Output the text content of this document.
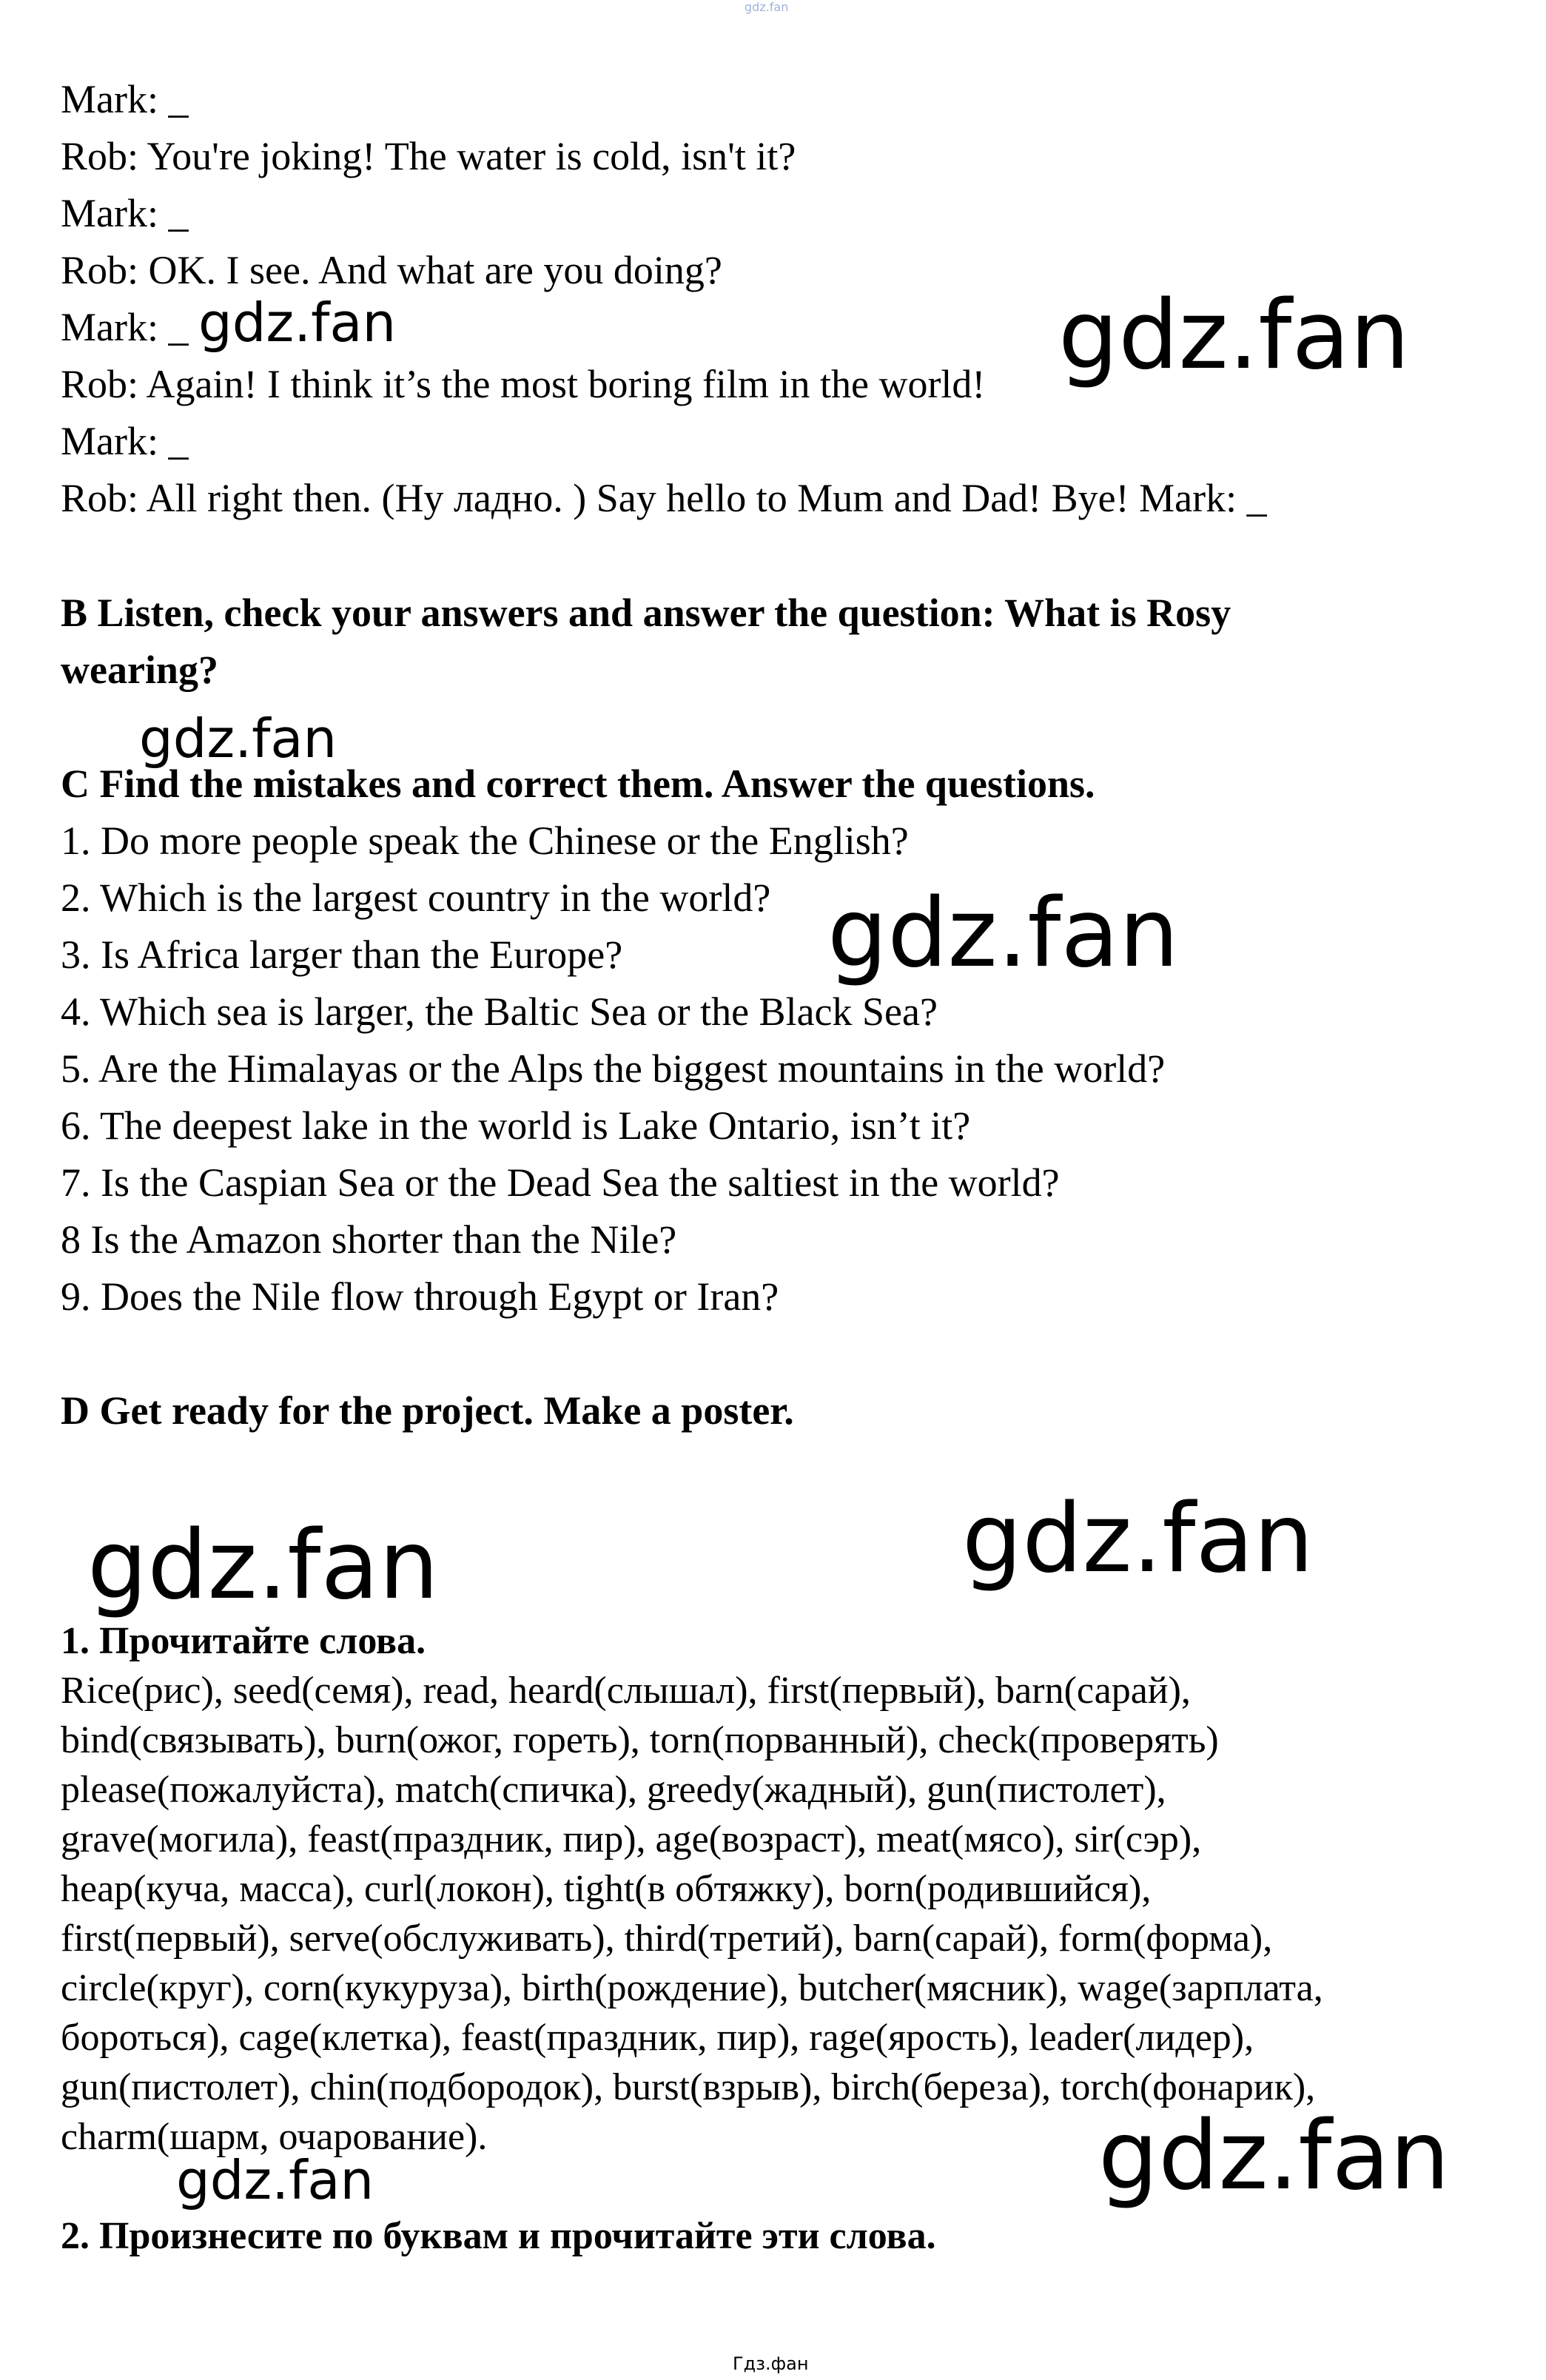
gdz.fan

Mark: _

Rob: You're joking! The water is cold, isn't it?

Mark: _

Rob: OK. I see. And what are you doing?

Mark: _

Rob: Again! I think it’s the most boring film in the world!

Mark: _

Rob: All right then. (Ну ладно. ) Say hello to Mum and Dad! Bye! Mark: _

B Listen, check your answers and answer the question: What is Rosy

wearing?

C Find the mistakes and correct them. Answer the questions.

1. Do more people speak the Chinese or the English?

2. Which is the largest country in the world?

3. Is Africa larger than the Europe?

4. Which sea is larger, the Baltic Sea or the Black Sea?

5. Are the Himalayas or the Alps the biggest mountains in the world?

6. The deepest lake in the world is Lake Ontario, isn’t it?

7. Is the Caspian Sea or the Dead Sea the saltiest in the world?

8 Is the Amazon shorter than the Nile?

9. Does the Nile flow through Egypt or Iran?

D Get ready for the project. Make a poster.

1. Прочитайте слова.

Rice(рис), seed(семя), read, heard(слышал), first(первый), barn(сарай),

bind(связывать), burn(ожог, гореть), torn(порванный), check(проверять)

please(пожалуйста), match(спичка), greedy(жадный), gun(пистолет),

grave(могила), feast(праздник, пир), age(возраст), meat(мясо), sir(сэр),

heap(куча, масса), curl(локон), tight(в обтяжку), born(родившийся),

first(первый), serve(обслуживать), third(третий), barn(сарай), form(форма),

circle(круг), corn(кукуруза), birth(рождение), butcher(мясник), wage(зарплата,

бороться), cage(клетка), feast(праздник, пир), rage(ярость), leader(лидер),

gun(пистолет), chin(подбородок), burst(взрыв), birch(береза), torch(фонарик),

charm(шарм, очарование).

2. Произнесите по буквам и прочитайте эти слова.

gdz.fan	gdz.fan

gdz.fan

gdz.fan

gdz.fan	gdz.fan

gdz.fan	gdz.fan

Гдз.фан
